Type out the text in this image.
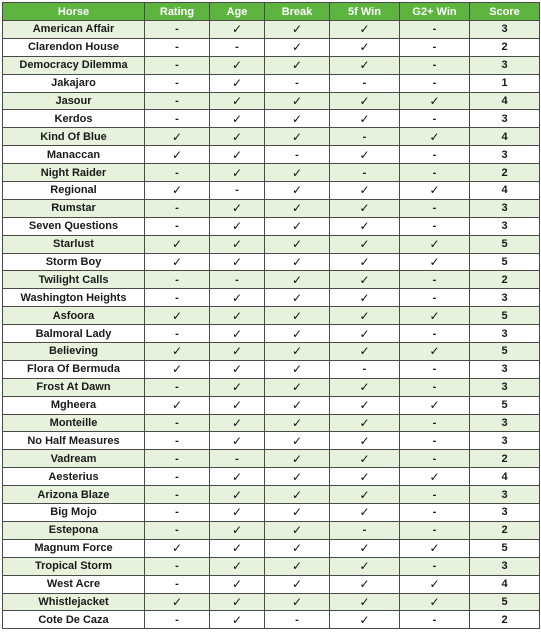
Horse	Rating	Age	Break	5f Win	G2+ Win	Score
American Affair	-	✓	✓	✓	-	3
Clarendon House	-	-	✓	✓	-	2
Democracy Dilemma	-	✓	✓	✓	-	3
Jakajaro	-	✓	-	-	-	1
Jasour	-	✓	✓	✓	✓	4
Kerdos	-	✓	✓	✓	-	3
Kind Of Blue	✓	✓	✓	-	✓	4
Manaccan	✓	✓	-	✓	-	3
Night Raider	-	✓	✓	-	-	2
Regional	✓	-	✓	✓	✓	4
Rumstar	-	✓	✓	✓	-	3
Seven Questions	-	✓	✓	✓	-	3
Starlust	✓	✓	✓	✓	✓	5
Storm Boy	✓	✓	✓	✓	✓	5
Twilight Calls	-	-	✓	✓	-	2
Washington Heights	-	✓	✓	✓	-	3
Asfoora	✓	✓	✓	✓	✓	5
Balmoral Lady	-	✓	✓	✓	-	3
Believing	✓	✓	✓	✓	✓	5
Flora Of Bermuda	✓	✓	✓	-	-	3
Frost At Dawn	-	✓	✓	✓	-	3
Mgheera	✓	✓	✓	✓	✓	5
Monteille	-	✓	✓	✓	-	3
No Half Measures	-	✓	✓	✓	-	3
Vadream	-	-	✓	✓	-	2
Aesterius	-	✓	✓	✓	✓	4
Arizona Blaze	-	✓	✓	✓	-	3
Big Mojo	-	✓	✓	✓	-	3
Estepona	-	✓	✓	-	-	2
Magnum Force	✓	✓	✓	✓	✓	5
Tropical Storm	-	✓	✓	✓	-	3
West Acre	-	✓	✓	✓	✓	4
Whistlejacket	✓	✓	✓	✓	✓	5
Cote De Caza	-	✓	-	✓	-	2
